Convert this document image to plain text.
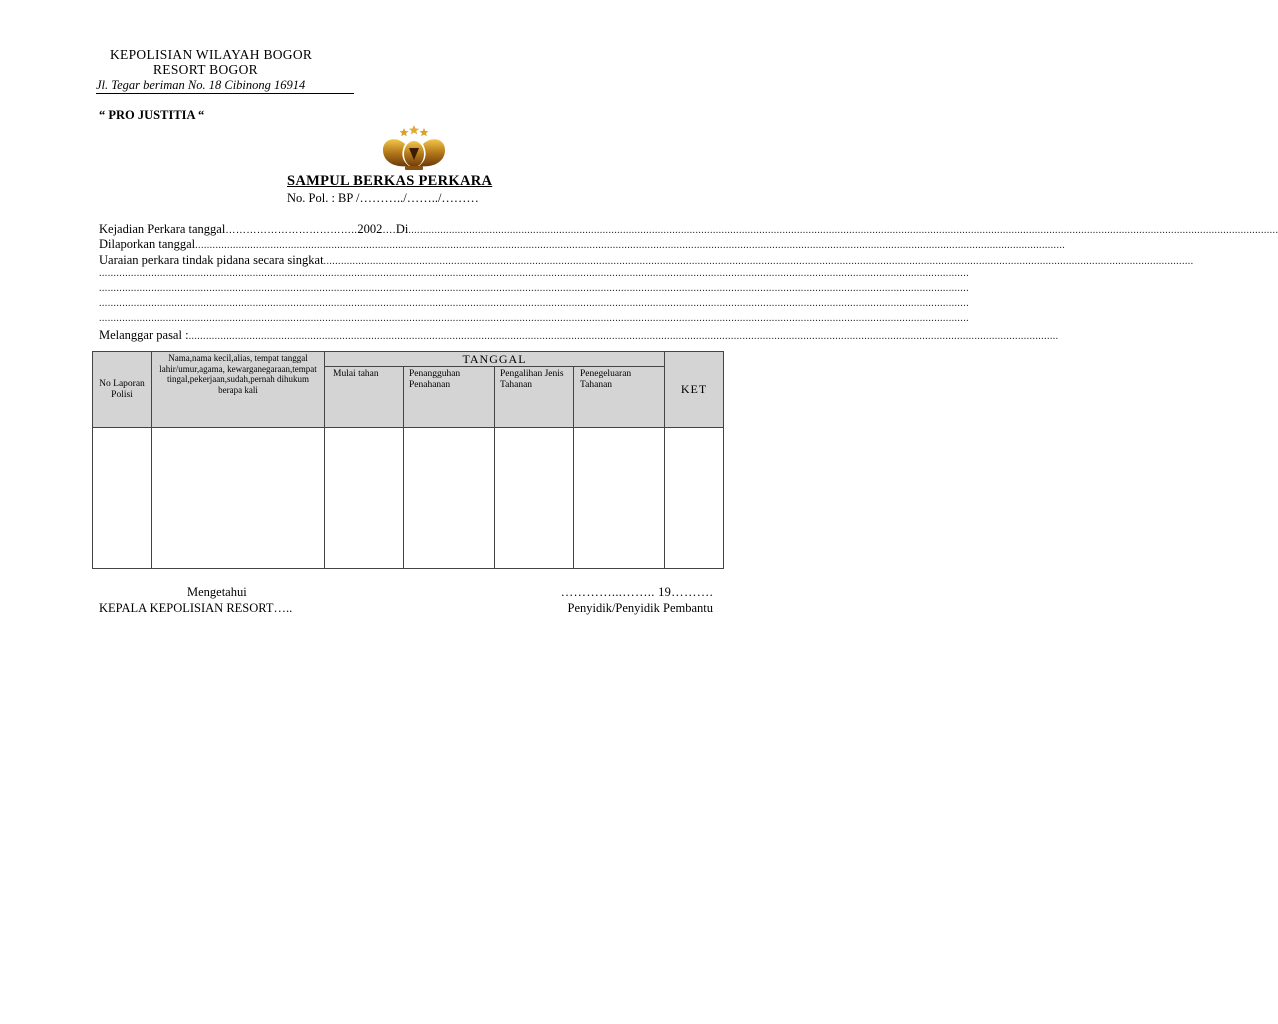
KEPOLISIAN WILAYAH BOGOR
RESORT BOGOR
Jl. Tegar beriman No. 18 Cibinong 16914
“ PRO JUSTITIA “
SAMPUL BERKAS PERKARA
No. Pol. : BP /………../……../………
Kejadian Perkara tanggal ……………………………….. 2002 …. Di ............................................................................................................................................................................................................................................................................................................
Dilaporkan tanggal ............................................................................................................................................................................................................................................................................................................
Uaraian perkara tindak pidana secara singkat ............................................................................................................................................................................................................................................................................................................
............................................................................................................................................................................................................................................................................................................
............................................................................................................................................................................................................................................................................................................
............................................................................................................................................................................................................................................................................................................
............................................................................................................................................................................................................................................................................................................
Melanggar pasal : ............................................................................................................................................................................................................................................................................................................
No Laporan Polisi	Nama,nama kecil,alias, tempat tanggal lahir/umur,agama, kewarganegaraan,tempat tingal,pekerjaan,sudah,pernah dihukum berapa kali	TANGGAL				KET
		Mulai tahan	Penangguhan Penahanan	Pengalihan Jenis Tahanan	Penegeluaran Tahanan	

Mengetahui
KEPALA KEPOLISIAN RESORT…..
…………...…….. 19……….
Penyidik/Penyidik Pembantu
